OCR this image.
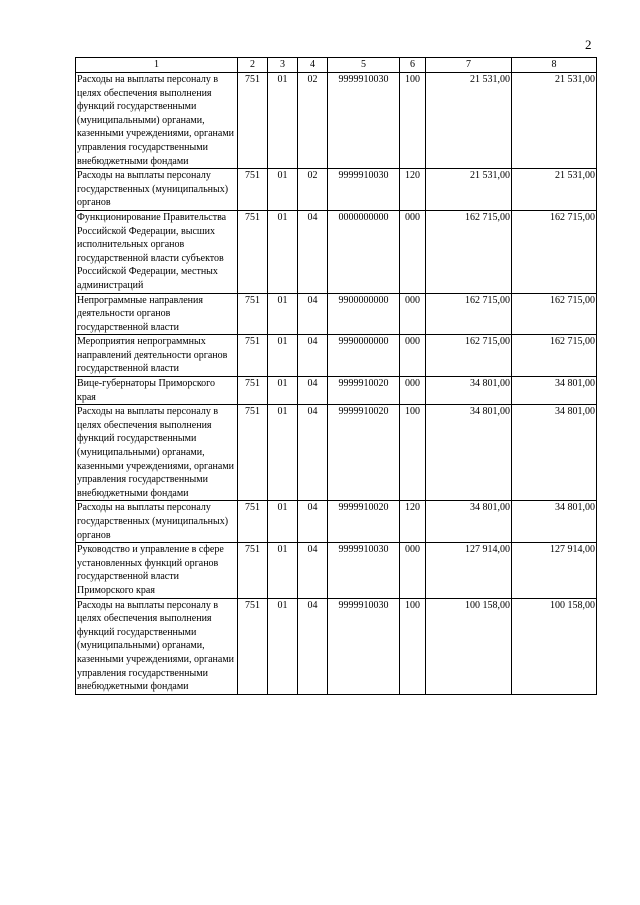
2
1	2	3	4	5	6	7	8
Расходы на выплаты персоналу в целях обеспечения выполнения функций государственными (муниципальными) органами, казенными учреждениями, органами управления государственными внебюджетными фондами	751	01	02	9999910030	100	21 531,00	21 531,00
Расходы на выплаты персоналу государственных (муниципальных) органов	751	01	02	9999910030	120	21 531,00	21 531,00
Функционирование Правительства Российской Федерации, высших исполнительных органов государственной власти субъектов Российской Федерации, местных администраций	751	01	04	0000000000	000	162 715,00	162 715,00
Непрограммные направления деятельности органов государственной власти	751	01	04	9900000000	000	162 715,00	162 715,00
Мероприятия непрограммных направлений деятельности органов государственной власти	751	01	04	9990000000	000	162 715,00	162 715,00
Вице-губернаторы Приморского края	751	01	04	9999910020	000	34 801,00	34 801,00
Расходы на выплаты персоналу в целях обеспечения выполнения функций государственными (муниципальными) органами, казенными учреждениями, органами управления государственными внебюджетными фондами	751	01	04	9999910020	100	34 801,00	34 801,00
Расходы на выплаты персоналу государственных (муниципальных) органов	751	01	04	9999910020	120	34 801,00	34 801,00
Руководство и управление в сфере установленных функций органов государственной власти Приморского края	751	01	04	9999910030	000	127 914,00	127 914,00
Расходы на выплаты персоналу в целях обеспечения выполнения функций государственными (муниципальными) органами, казенными учреждениями, органами управления государственными внебюджетными фондами	751	01	04	9999910030	100	100 158,00	100 158,00
